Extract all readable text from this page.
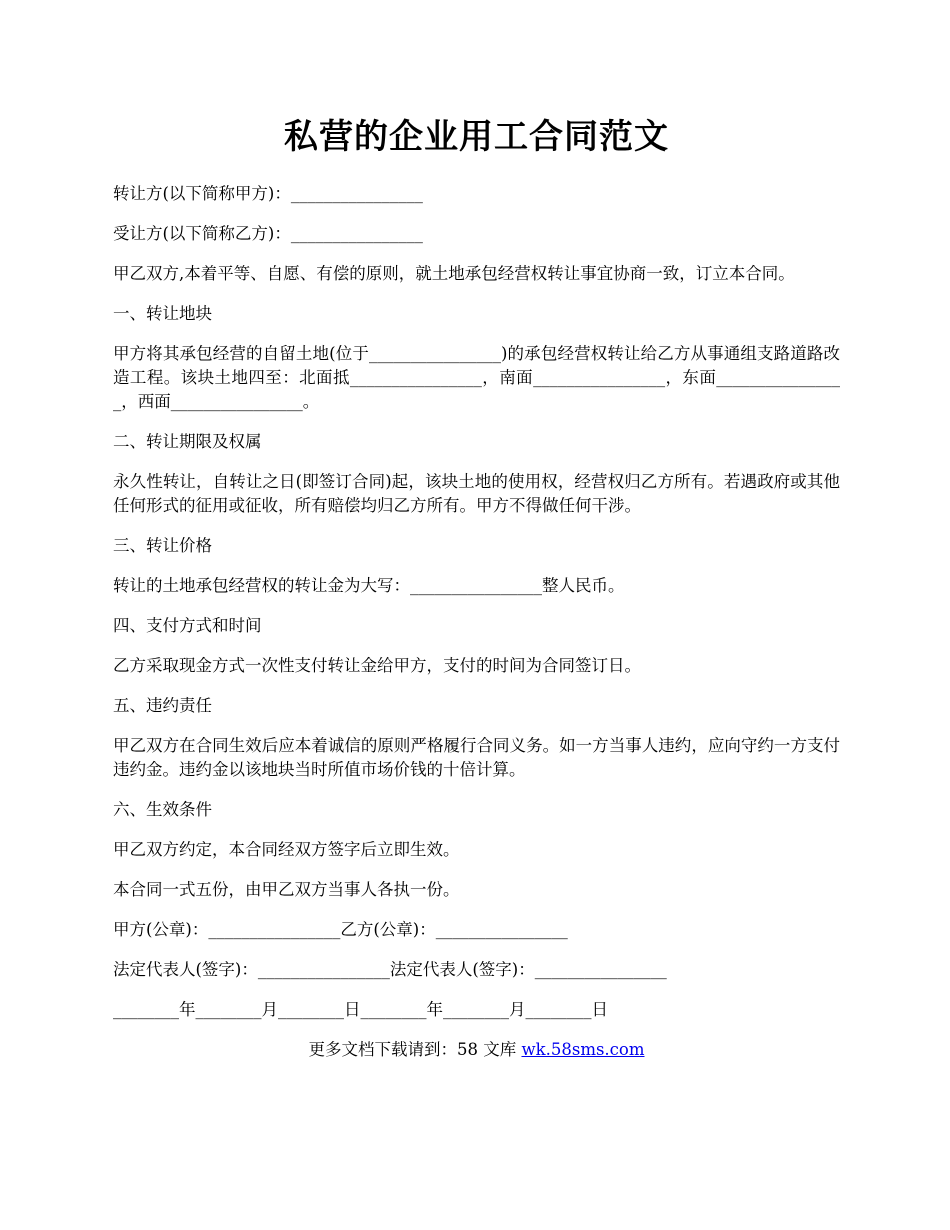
私营的企业用工合同范文
转让方(以下简称甲方)：________________
受让方(以下简称乙方)：________________
甲乙双方,本着平等、自愿、有偿的原则，就土地承包经营权转让事宜协商一致，订立本合同。
一、转让地块
甲方将其承包经营的自留土地(位于________________)的承包经营权转让给乙方从事通组支路道路改造工程。该块土地四至：北面抵________________，南面________________，东面________________，西面________________。
二、转让期限及权属
永久性转让，自转让之日(即签订合同)起，该块土地的使用权，经营权归乙方所有。若遇政府或其他任何形式的征用或征收，所有赔偿均归乙方所有。甲方不得做任何干涉。
三、转让价格
转让的土地承包经营权的转让金为大写：________________整人民币。
四、支付方式和时间
乙方采取现金方式一次性支付转让金给甲方，支付的时间为合同签订日。
五、违约责任
甲乙双方在合同生效后应本着诚信的原则严格履行合同义务。如一方当事人违约，应向守约一方支付违约金。违约金以该地块当时所值市场价钱的十倍计算。
六、生效条件
甲乙双方约定，本合同经双方签字后立即生效。
本合同一式五份，由甲乙双方当事人各执一份。
甲方(公章)：________________乙方(公章)：________________
法定代表人(签字)：________________法定代表人(签字)：________________
________年________月________日________年________月________日
更多文档下载请到：58 文库 wk.58sms.com
